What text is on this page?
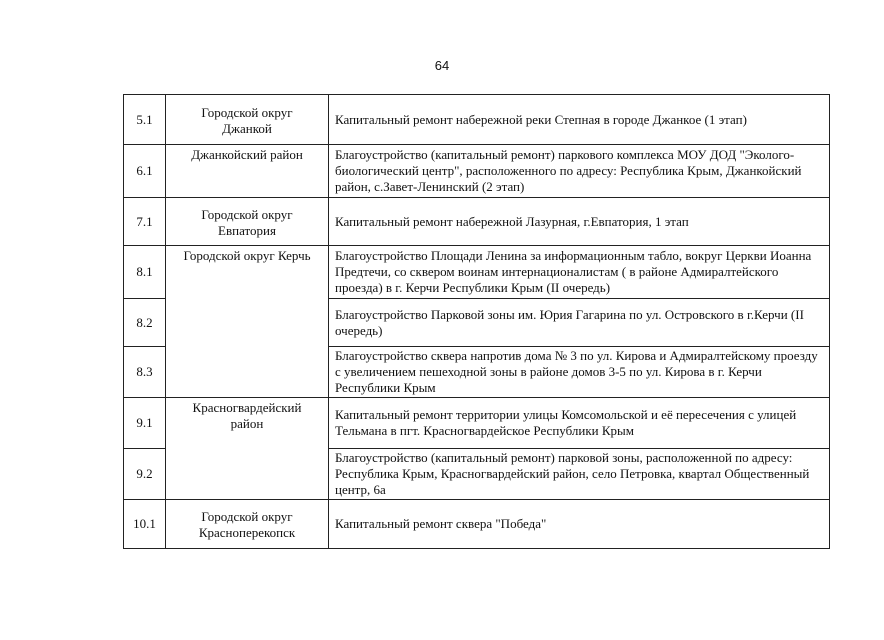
64
5.1	Городской округ Джанкой	Капитальный ремонт набережной реки Степная в городе Джанкое (1 этап)
6.1	Джанкойский район	Благоустройство (капитальный ремонт) паркового комплекса МОУ ДОД "Эколого-биологический центр", расположенного по адресу: Республика Крым, Джанкойский район, с.Завет-Ленинский (2 этап)
7.1	Городской округ Евпатория	Капитальный ремонт набережной Лазурная, г.Евпатория, 1 этап
8.1	Городской округ Керчь	Благоустройство Площади Ленина за информационным табло, вокруг Церкви Иоанна Предтечи, со сквером воинам интернационалистам ( в районе Адмиралтейского проезда) в г. Керчи Республики Крым (II очередь)
8.2		Благоустройство Парковой зоны им. Юрия Гагарина по ул. Островского в г.Керчи (II очередь)
8.3		Благоустройство сквера напротив дома № 3 по ул. Кирова и Адмиралтейскому проезду с увеличением пешеходной зоны в районе домов 3-5 по ул. Кирова в г. Керчи Республики Крым
9.1	Красногвардейский район	Капитальный ремонт территории улицы Комсомольской и её пересечения с улицей Тельмана в пгт. Красногвардейское Республики Крым
9.2		Благоустройство (капитальный ремонт) парковой зоны, расположенной по адресу: Республика Крым, Красногвардейский район, село Петровка, квартал Общественный центр, 6а
10.1	Городской округ Красноперекопск	Капитальный ремонт сквера "Победа"
